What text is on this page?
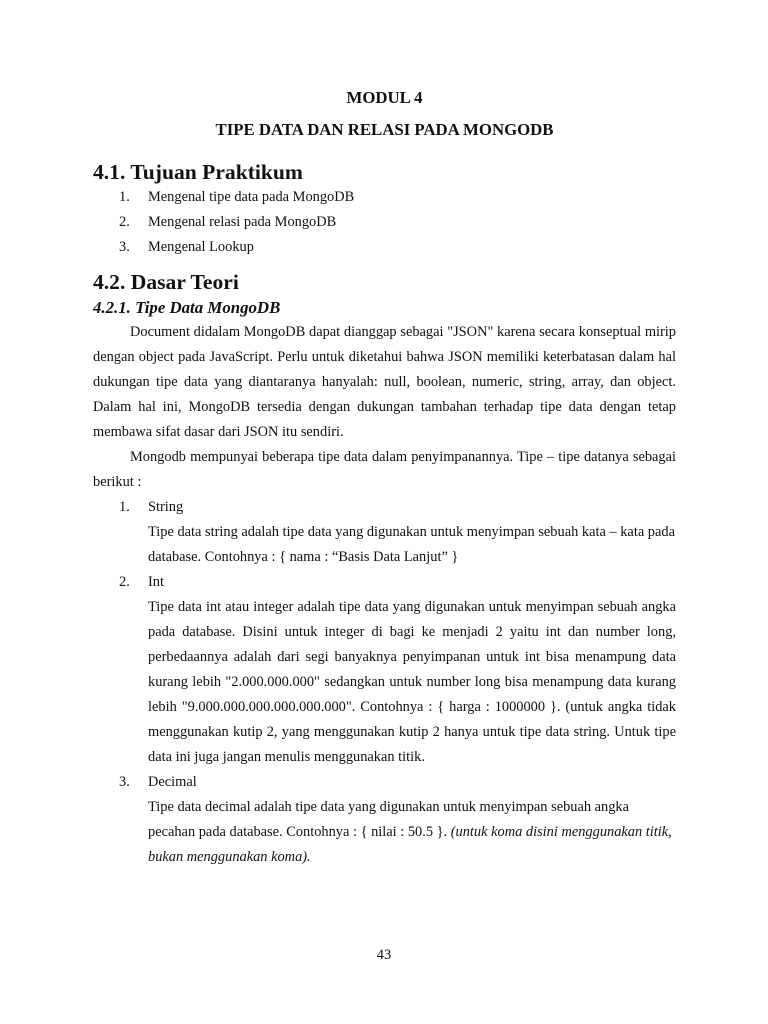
MODUL 4
TIPE DATA DAN RELASI PADA MONGODB
4.1. Tujuan Praktikum
1. Mengenal tipe data pada MongoDB
2. Mengenal relasi pada MongoDB
3. Mengenal Lookup
4.2. Dasar Teori
4.2.1. Tipe Data MongoDB

Document didalam MongoDB dapat dianggap sebagai "JSON" karena secara konseptual mirip dengan object pada JavaScript. Perlu untuk diketahui bahwa JSON memiliki keterbatasan dalam hal dukungan tipe data yang diantaranya hanyalah: null, boolean, numeric, string, array, dan object. Dalam hal ini, MongoDB tersedia dengan dukungan tambahan terhadap tipe data dengan tetap membawa sifat dasar dari JSON itu sendiri.

Mongodb mempunyai beberapa tipe data dalam penyimpanannya. Tipe – tipe datanya sebagai berikut :

1. String

Tipe data string adalah tipe data yang digunakan untuk menyimpan sebuah kata – kata pada database. Contohnya : { nama : “Basis Data Lanjut” }

2. Int

Tipe data int atau integer adalah tipe data yang digunakan untuk menyimpan sebuah angka pada database. Disini untuk integer di bagi ke menjadi 2 yaitu int dan number long, perbedaannya adalah dari segi banyaknya penyimpanan untuk int bisa menampung data kurang lebih "2.000.000.000" sedangkan untuk number long bisa menampung data kurang lebih "9.000.000.000.000.000.000". Contohnya : { harga : 1000000 }. (untuk angka tidak menggunakan kutip 2, yang menggunakan kutip 2 hanya untuk tipe data string. Untuk tipe data ini juga jangan menulis menggunakan titik.

3. Decimal

Tipe data decimal adalah tipe data yang digunakan untuk menyimpan sebuah angka pecahan pada database. Contohnya : { nilai : 50.5 }. (untuk koma disini menggunakan titik, bukan menggunakan koma).

43
